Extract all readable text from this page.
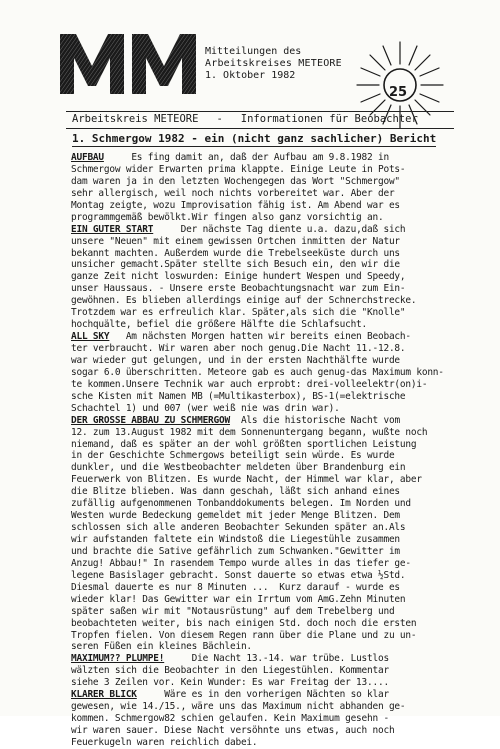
Mitteilungen des
Arbeitskreises METEORE
1. Oktober 1982
25
Arbeitskreis METEORE - Informationen für Beobachter
1. Schmergow 1982 - ein (nicht ganz sachlicher) Bericht
AUFBAU     Es fing damit an, daß der Aufbau am 9.8.1982 in
Schmergow wider Erwarten prima klappte. Einige Leute in Pots-
dam waren ja in den letzten Wochengegen das Wort "Schmergow"
sehr allergisch, weil noch nichts vorbereitet war. Aber der
Montag zeigte, wozu Improvisation fähig ist. Am Abend war es
programmgemäß bewölkt.Wir fingen also ganz vorsichtig an.
EIN GUTER START     Der nächste Tag diente u.a. dazu,daß sich
unsere "Neuen" mit einem gewissen Örtchen inmitten der Natur
bekannt machten. Außerdem wurde die Trebelseeküste durch uns
unsicher gemacht.Später stellte sich Besuch ein, den wir die
ganze Zeit nicht loswurden: Einige hundert Wespen und Speedy,
unser Haussaus. - Unsere erste Beobachtungsnacht war zum Ein-
gewöhnen. Es blieben allerdings einige auf der Schnerchstrecke.
Trotzdem war es erfreulich klar. Später,als sich die "Knolle"
hochquälte, befiel die größere Hälfte die Schlafsucht.
ALL SKY   Am nächsten Morgen hatten wir bereits einen Beobach-
ter verbraucht. Wir waren aber noch genug.Die Nacht 11.-12.8.
war wieder gut gelungen, und in der ersten Nachthälfte wurde
sogar 6.0 überschritten. Meteore gab es auch genug-das Maximum konn-
te kommen.Unsere Technik war auch erprobt: drei-volleelektr(on)i-
sche Kisten mit Namen MB (=Multikasterbox), BS-1(=elektrische
Schachtel 1) und 007 (wer weiß nie was drin war).
DER GROSSE ABBAU ZU SCHMERGOW  Als die historische Nacht vom
12. zum 13.August 1982 mit dem Sonnenuntergang begann, wußte noch
niemand, daß es später an der wohl größten sportlichen Leistung
in der Geschichte Schmergows beteiligt sein würde. Es wurde
dunkler, und die Westbeobachter meldeten über Brandenburg ein
Feuerwerk von Blitzen. Es wurde Nacht, der Himmel war klar, aber
die Blitze blieben. Was dann geschah, läßt sich anhand eines
zufällig aufgenommenen Tonbanddokuments belegen. Im Norden und
Westen wurde Bedeckung gemeldet mit jeder Menge Blitzen. Dem
schlossen sich alle anderen Beobachter Sekunden später an.Als
wir aufstanden faltete ein Windstoß die Liegestühle zusammen
und brachte die Sative gefährlich zum Schwanken."Gewitter im
Anzug! Abbau!" In rasendem Tempo wurde alles in das tiefer ge-
legene Basislager gebracht. Sonst dauerte so etwas etwa ½Std.
Diesmal dauerte es nur 8 Minuten ...  Kurz darauf - wurde es
wieder klar! Das Gewitter war ein Irrtum vom AmG.Zehn Minuten
später saßen wir mit "Notausrüstung" auf dem Trebelberg und
beobachteten weiter, bis nach einigen Std. doch noch die ersten
Tropfen fielen. Von diesem Regen rann über die Plane und zu un-
seren Füßen ein kleines Bächlein.
MAXIMUM?? PLUMPE!     Die Nacht 13.-14. war trübe. Lustlos
wälzten sich die Beobachter in den Liegestühlen. Kommentar
siehe 3 Zeilen vor. Kein Wunder: Es war Freitag der 13....
KLARER BLICK     Wäre es in den vorherigen Nächten so klar
gewesen, wie 14./15., wäre uns das Maximum nicht abhanden ge-
kommen. Schmergow82 schien gelaufen. Kein Maximum gesehn -
wir waren sauer. Diese Nacht versöhnte uns etwas, auch noch
Feuerkugeln waren reichlich dabei.
